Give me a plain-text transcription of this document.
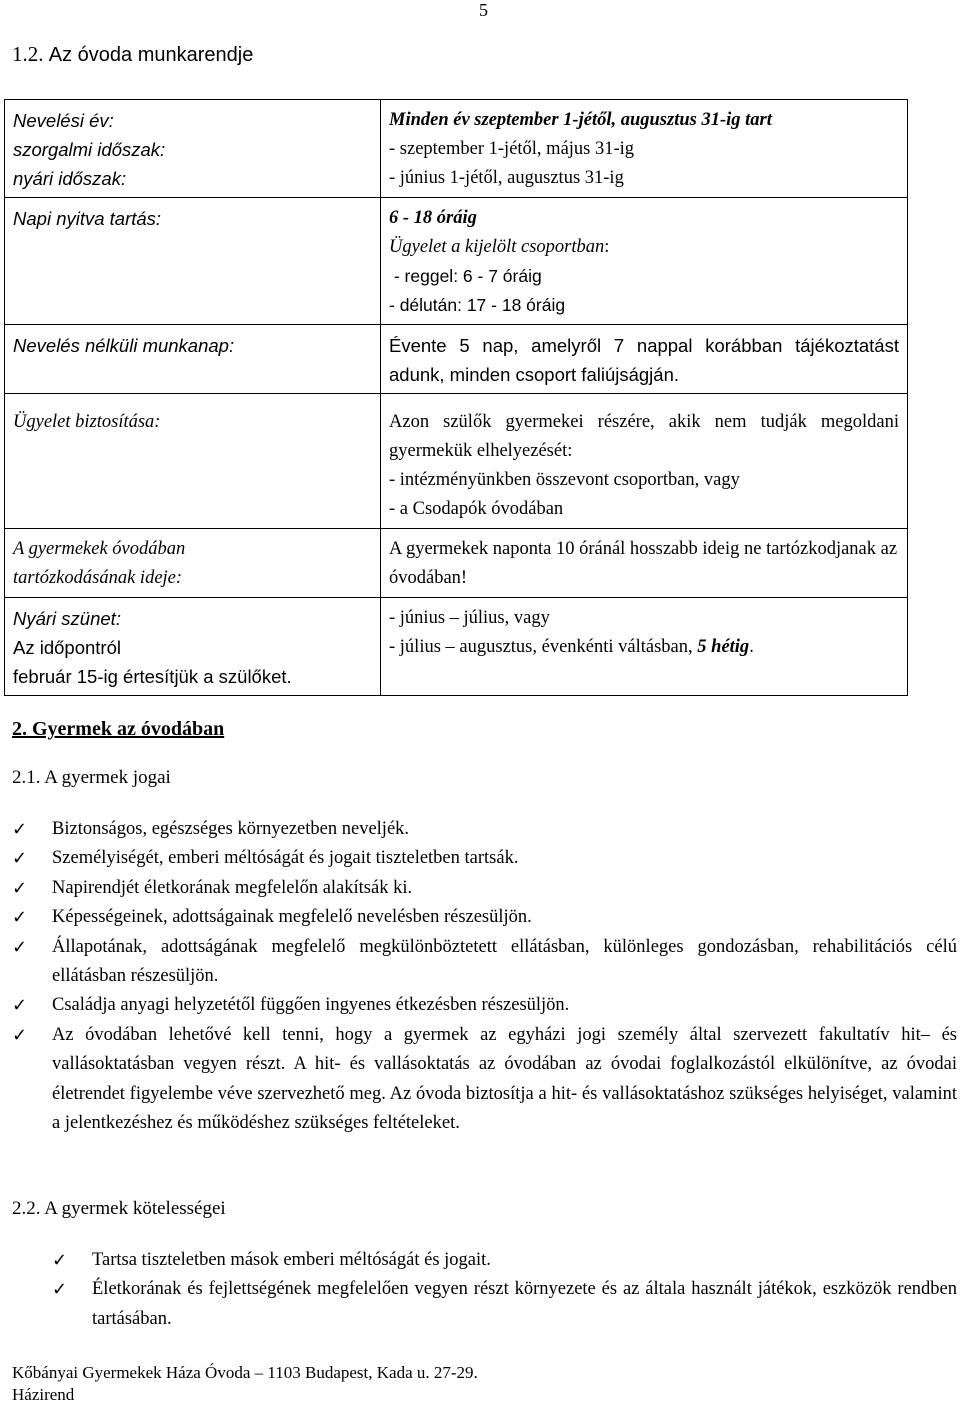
5
1.2. Az óvoda munkarendje
Nevelési év:
szorgalmi időszak:
nyári időszak:	Minden év szeptember 1-jétől, augusztus 31-ig tart
- szeptember 1-jétől, május 31-ig
- június 1-jétől, augusztus 31-ig

Napi nyitva tartás:	6 - 18 óráig
Ügyelet a kijelölt csoportban:
- reggel: 6 - 7 óráig
- délután: 17 - 18 óráig

Nevelés nélküli munkanap:	Évente 5 nap, amelyről 7 nappal korábban tájékoztatást adunk, minden csoport faliújságján.
Ügyelet biztosítása:	Azon szülők gyermekei részére, akik nem tudják megoldani gyermekük elhelyezését:
- intézményünkben összevont csoportban, vagy
- a Csodapók óvodában

A gyermekek óvodában
tartózkodásának ideje:	A gyermekek naponta 10 óránál hosszabb ideig ne tartózkodjanak az óvodában!

Nyári szünet:
Az időpontról
február 15-ig értesítjük a szülőket.	- június – július, vagy
- július – augusztus, évenkénti váltásban, 5 hétig.
2. Gyermek az óvodában
2.1. A gyermek jogai
✓ Biztonságos, egészséges környezetben neveljék.
✓ Személyiségét, emberi méltóságát és jogait tiszteletben tartsák.
✓ Napirendjét életkorának megfelelőn alakítsák ki.
✓ Képességeinek, adottságainak megfelelő nevelésben részesüljön.
✓ Állapotának, adottságának megfelelő megkülönböztetett ellátásban, különleges gondozásban, rehabilitációs célú ellátásban részesüljön.
✓ Családja anyagi helyzetétől függően ingyenes étkezésben részesüljön.
✓ Az óvodában lehetővé kell tenni, hogy a gyermek az egyházi jogi személy által szervezett fakultatív hit– és vallásoktatásban vegyen részt. A hit- és vallásoktatás az óvodában az óvodai foglalkozástól elkülönítve, az óvodai életrendet figyelembe véve szervezhető meg. Az óvoda biztosítja a hit- és vallásoktatáshoz szükséges helyiséget, valamint a jelentkezéshez és működéshez szükséges feltételeket.
2.2. A gyermek kötelességei
✓ Tartsa tiszteletben mások emberi méltóságát és jogait.
✓ Életkorának és fejlettségének megfelelően vegyen részt környezete és az általa használt játékok, eszközök rendben tartásában.
Kőbányai Gyermekek Háza Óvoda – 1103 Budapest, Kada u. 27-29.
Házirend
